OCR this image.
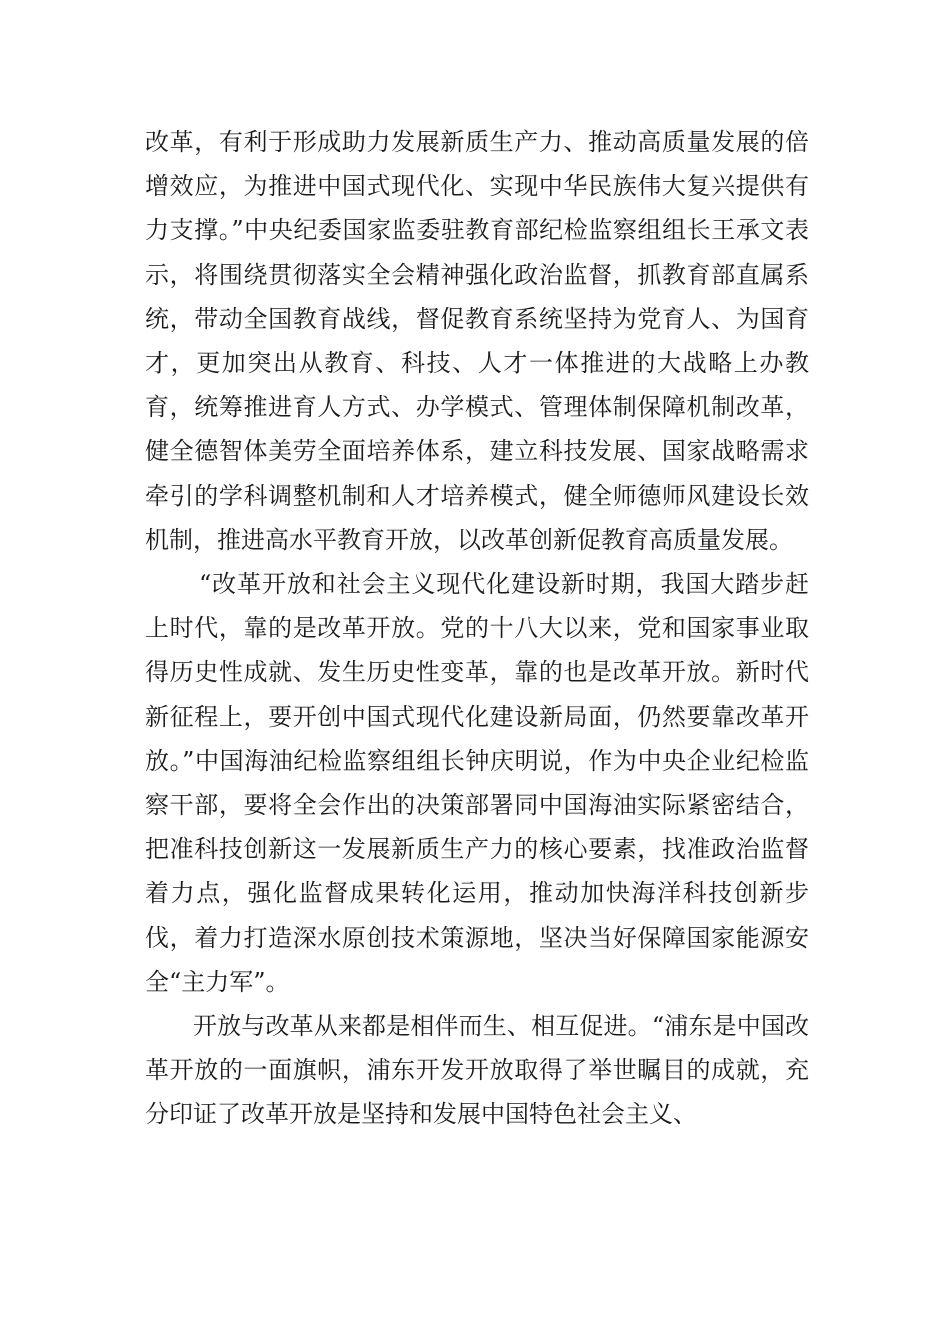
改革，有利于形成助力发展新质生产力、推动高质量发展的倍增效应，为推进中国式现代化、实现中华民族伟大复兴提供有力支撑。”中央纪委国家监委驻教育部纪检监察组组长王承文表示，将围绕贯彻落实全会精神强化政治监督，抓教育部直属系统，带动全国教育战线，督促教育系统坚持为党育人、为国育才，更加突出从教育、科技、人才一体推进的大战略上办教育，统筹推进育人方式、办学模式、管理体制保障机制改革，健全德智体美劳全面培养体系，建立科技发展、国家战略需求牵引的学科调整机制和人才培养模式，健全师德师风建设长效机制，推进高水平教育开放，以改革创新促教育高质量发展。

“改革开放和社会主义现代化建设新时期，我国大踏步赶上时代，靠的是改革开放。党的十八大以来，党和国家事业取得历史性成就、发生历史性变革，靠的也是改革开放。新时代新征程上，要开创中国式现代化建设新局面，仍然要靠改革开放。”中国海油纪检监察组组长钟庆明说，作为中央企业纪检监察干部，要将全会作出的决策部署同中国海油实际紧密结合，把准科技创新这一发展新质生产力的核心要素，找准政治监督着力点，强化监督成果转化运用，推动加快海洋科技创新步伐，着力打造深水原创技术策源地，坚决当好保障国家能源安全“主力军”。

开放与改革从来都是相伴而生、相互促进。“浦东是中国改革开放的一面旗帜，浦东开发开放取得了举世瞩目的成就，充分印证了改革开放是坚持和发展中国特色社会主义、
